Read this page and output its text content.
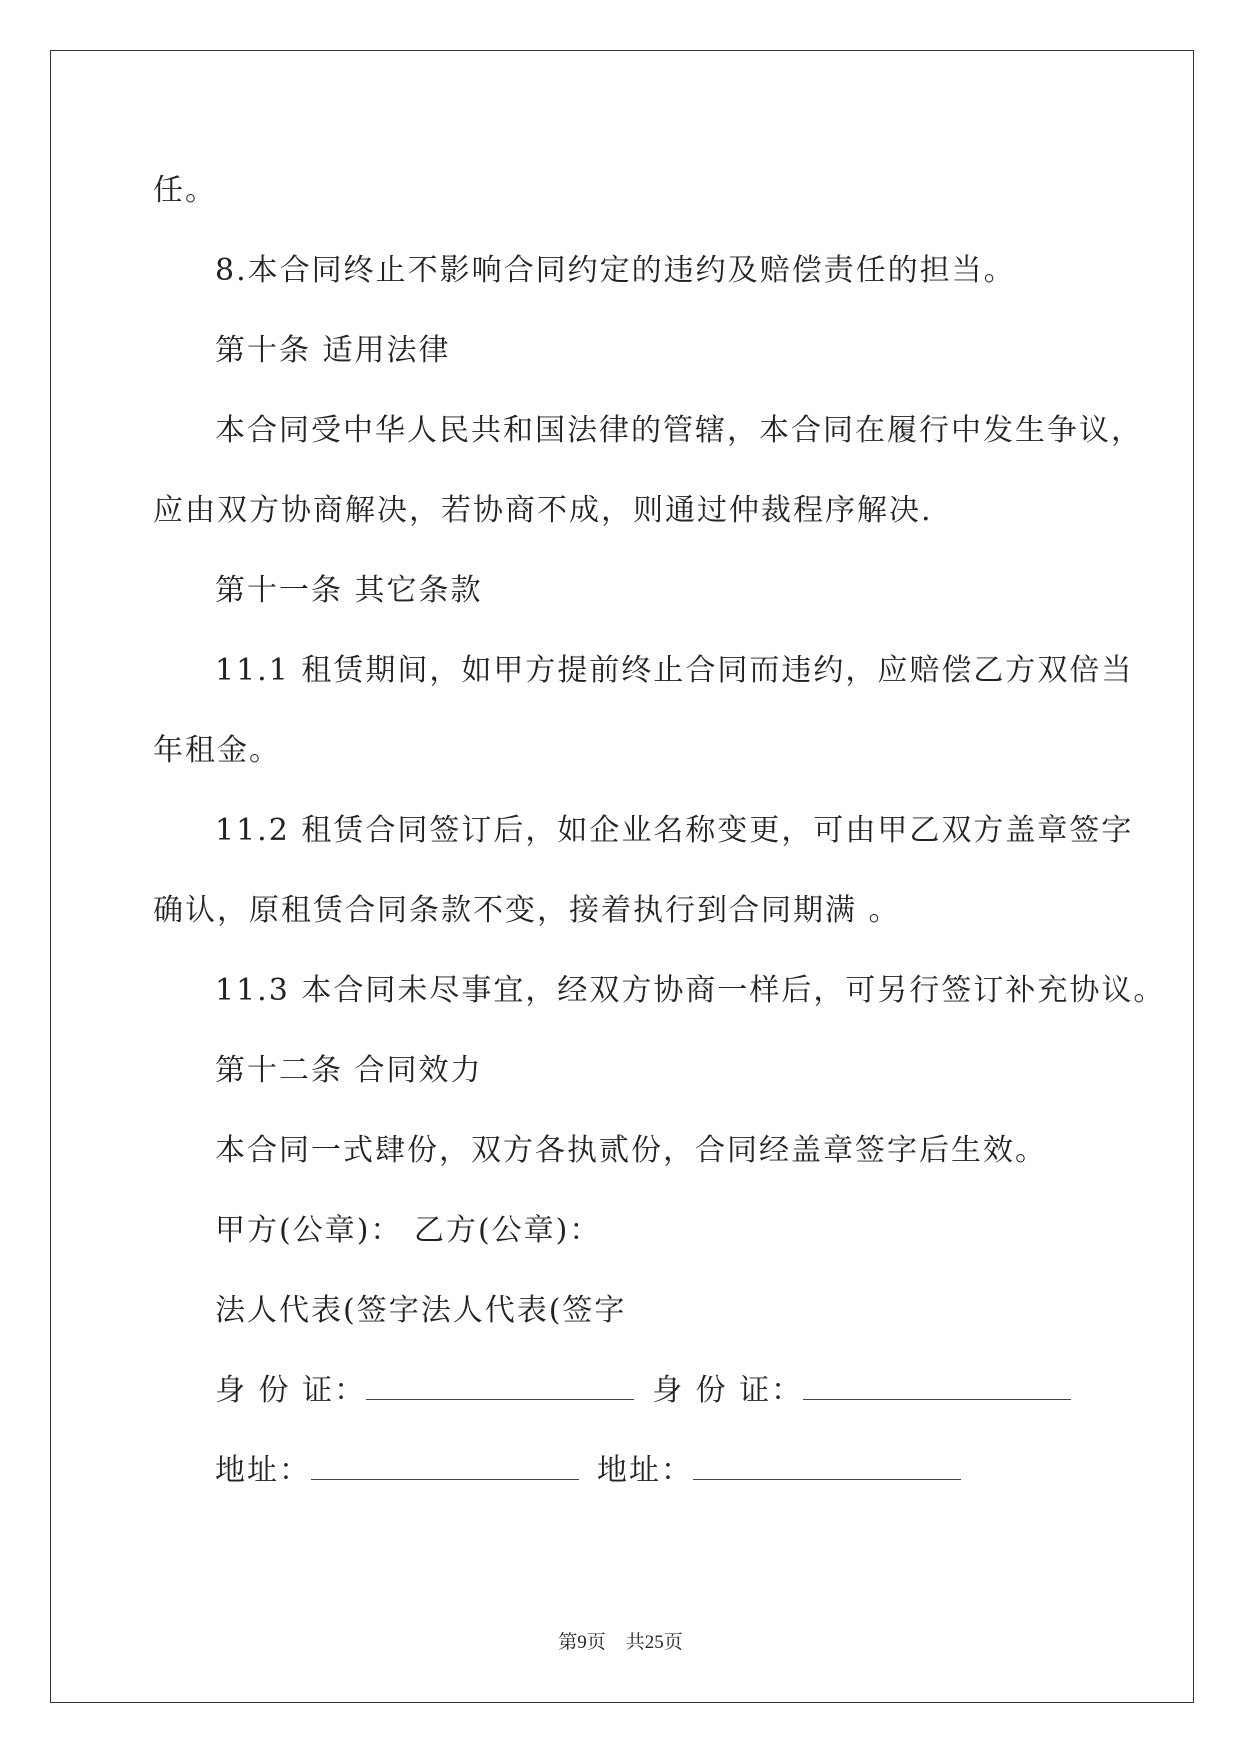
任。
8.本合同终止不影响合同约定的违约及赔偿责任的担当。
第十条 适用法律
本合同受中华人民共和国法律的管辖，本合同在履行中发生争议，
应由双方协商解决，若协商不成，则通过仲裁程序解决.
第十一条 其它条款
11.1 租赁期间，如甲方提前终止合同而违约，应赔偿乙方双倍当
年租金。
11.2 租赁合同签订后，如企业名称变更，可由甲乙双方盖章签字
确认，原租赁合同条款不变，接着执行到合同期满 。
11.3 本合同未尽事宜，经双方协商一样后，可另行签订补充协议。
第十二条 合同效力
本合同一式肆份，双方各执贰份，合同经盖章签字后生效。
甲方(公章)： 乙方(公章)：
法人代表(签字法人代表(签字
身 份 证：	身 份 证：
地址：	地址：
第9页 共25页
